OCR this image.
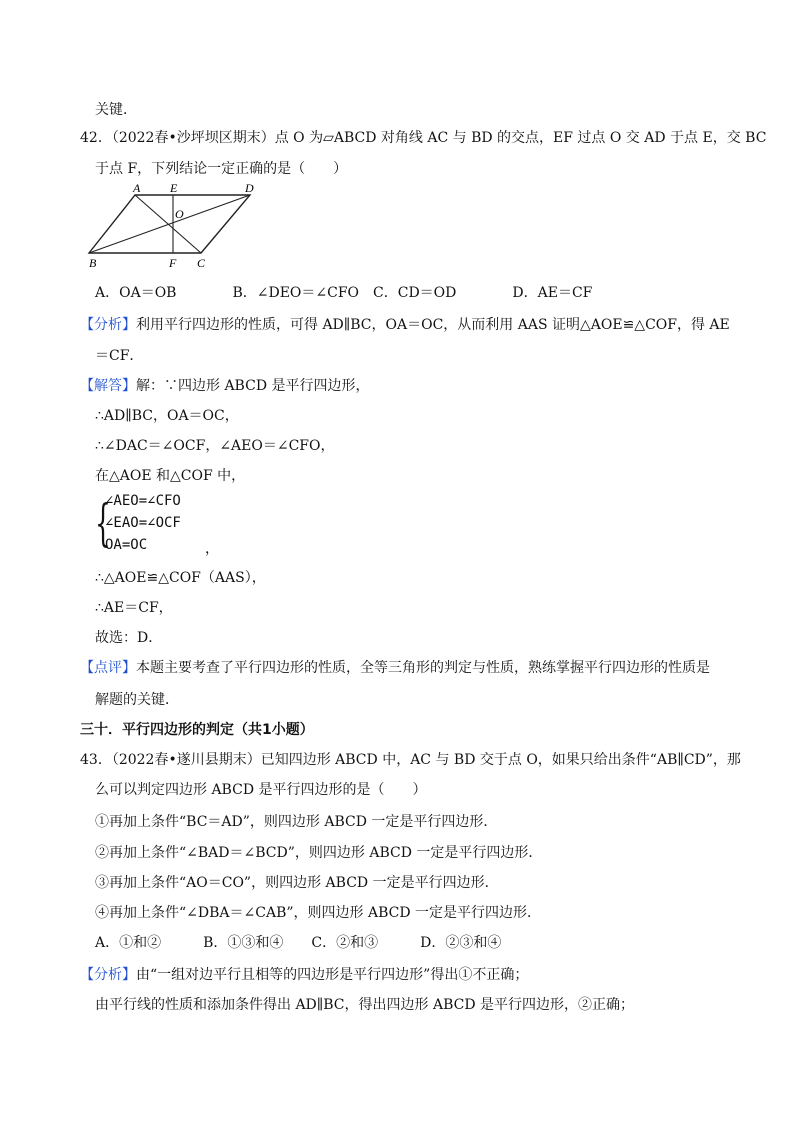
关键．
42．（2022春•沙坪坝区期末）点 O 为▱ABCD 对角线 AC 与 BD 的交点，EF 过点 O 交 AD 于点 E，交 BC
于点 F，下列结论一定正确的是（　　）
A．OA＝OB　　　　B．∠DEO＝∠CFO　C．CD＝OD　　　　D．AE＝CF
【分析】利用平行四边形的性质，可得 AD∥BC，OA＝OC，从而利用 AAS 证明△AOE≌△COF，得 AE
＝CF．
【解答】解：∵四边形 ABCD 是平行四边形，
∴AD∥BC，OA＝OC，
∴∠DAC＝∠OCF，∠AEO＝∠CFO，
在△AOE 和△COF 中，
∴△AOE≌△COF（AAS），
∴AE＝CF，
故选：D．
【点评】本题主要考查了平行四边形的性质，全等三角形的判定与性质，熟练掌握平行四边形的性质是
解题的关键．
三十．平行四边形的判定（共1小题）
43．（2022春•遂川县期末）已知四边形 ABCD 中，AC 与 BD 交于点 O，如果只给出条件“AB∥CD”，那
么可以判定四边形 ABCD 是平行四边形的是（　　）
①再加上条件“BC＝AD”，则四边形 ABCD 一定是平行四边形．
②再加上条件“∠BAD＝∠BCD”，则四边形 ABCD 一定是平行四边形．
③再加上条件“AO＝CO”，则四边形 ABCD 一定是平行四边形．
④再加上条件“∠DBA＝∠CAB”，则四边形 ABCD 一定是平行四边形．
A．①和②　　　B．①③和④　　C．②和③　　　D．②③和④
【分析】由“一组对边平行且相等的四边形是平行四边形”得出①不正确；
由平行线的性质和添加条件得出 AD∥BC，得出四边形 ABCD 是平行四边形，②正确；
A E	D
O
B	F C
{
∠AEO=∠CFO
∠EAO=∠OCF
OA=OC	，
